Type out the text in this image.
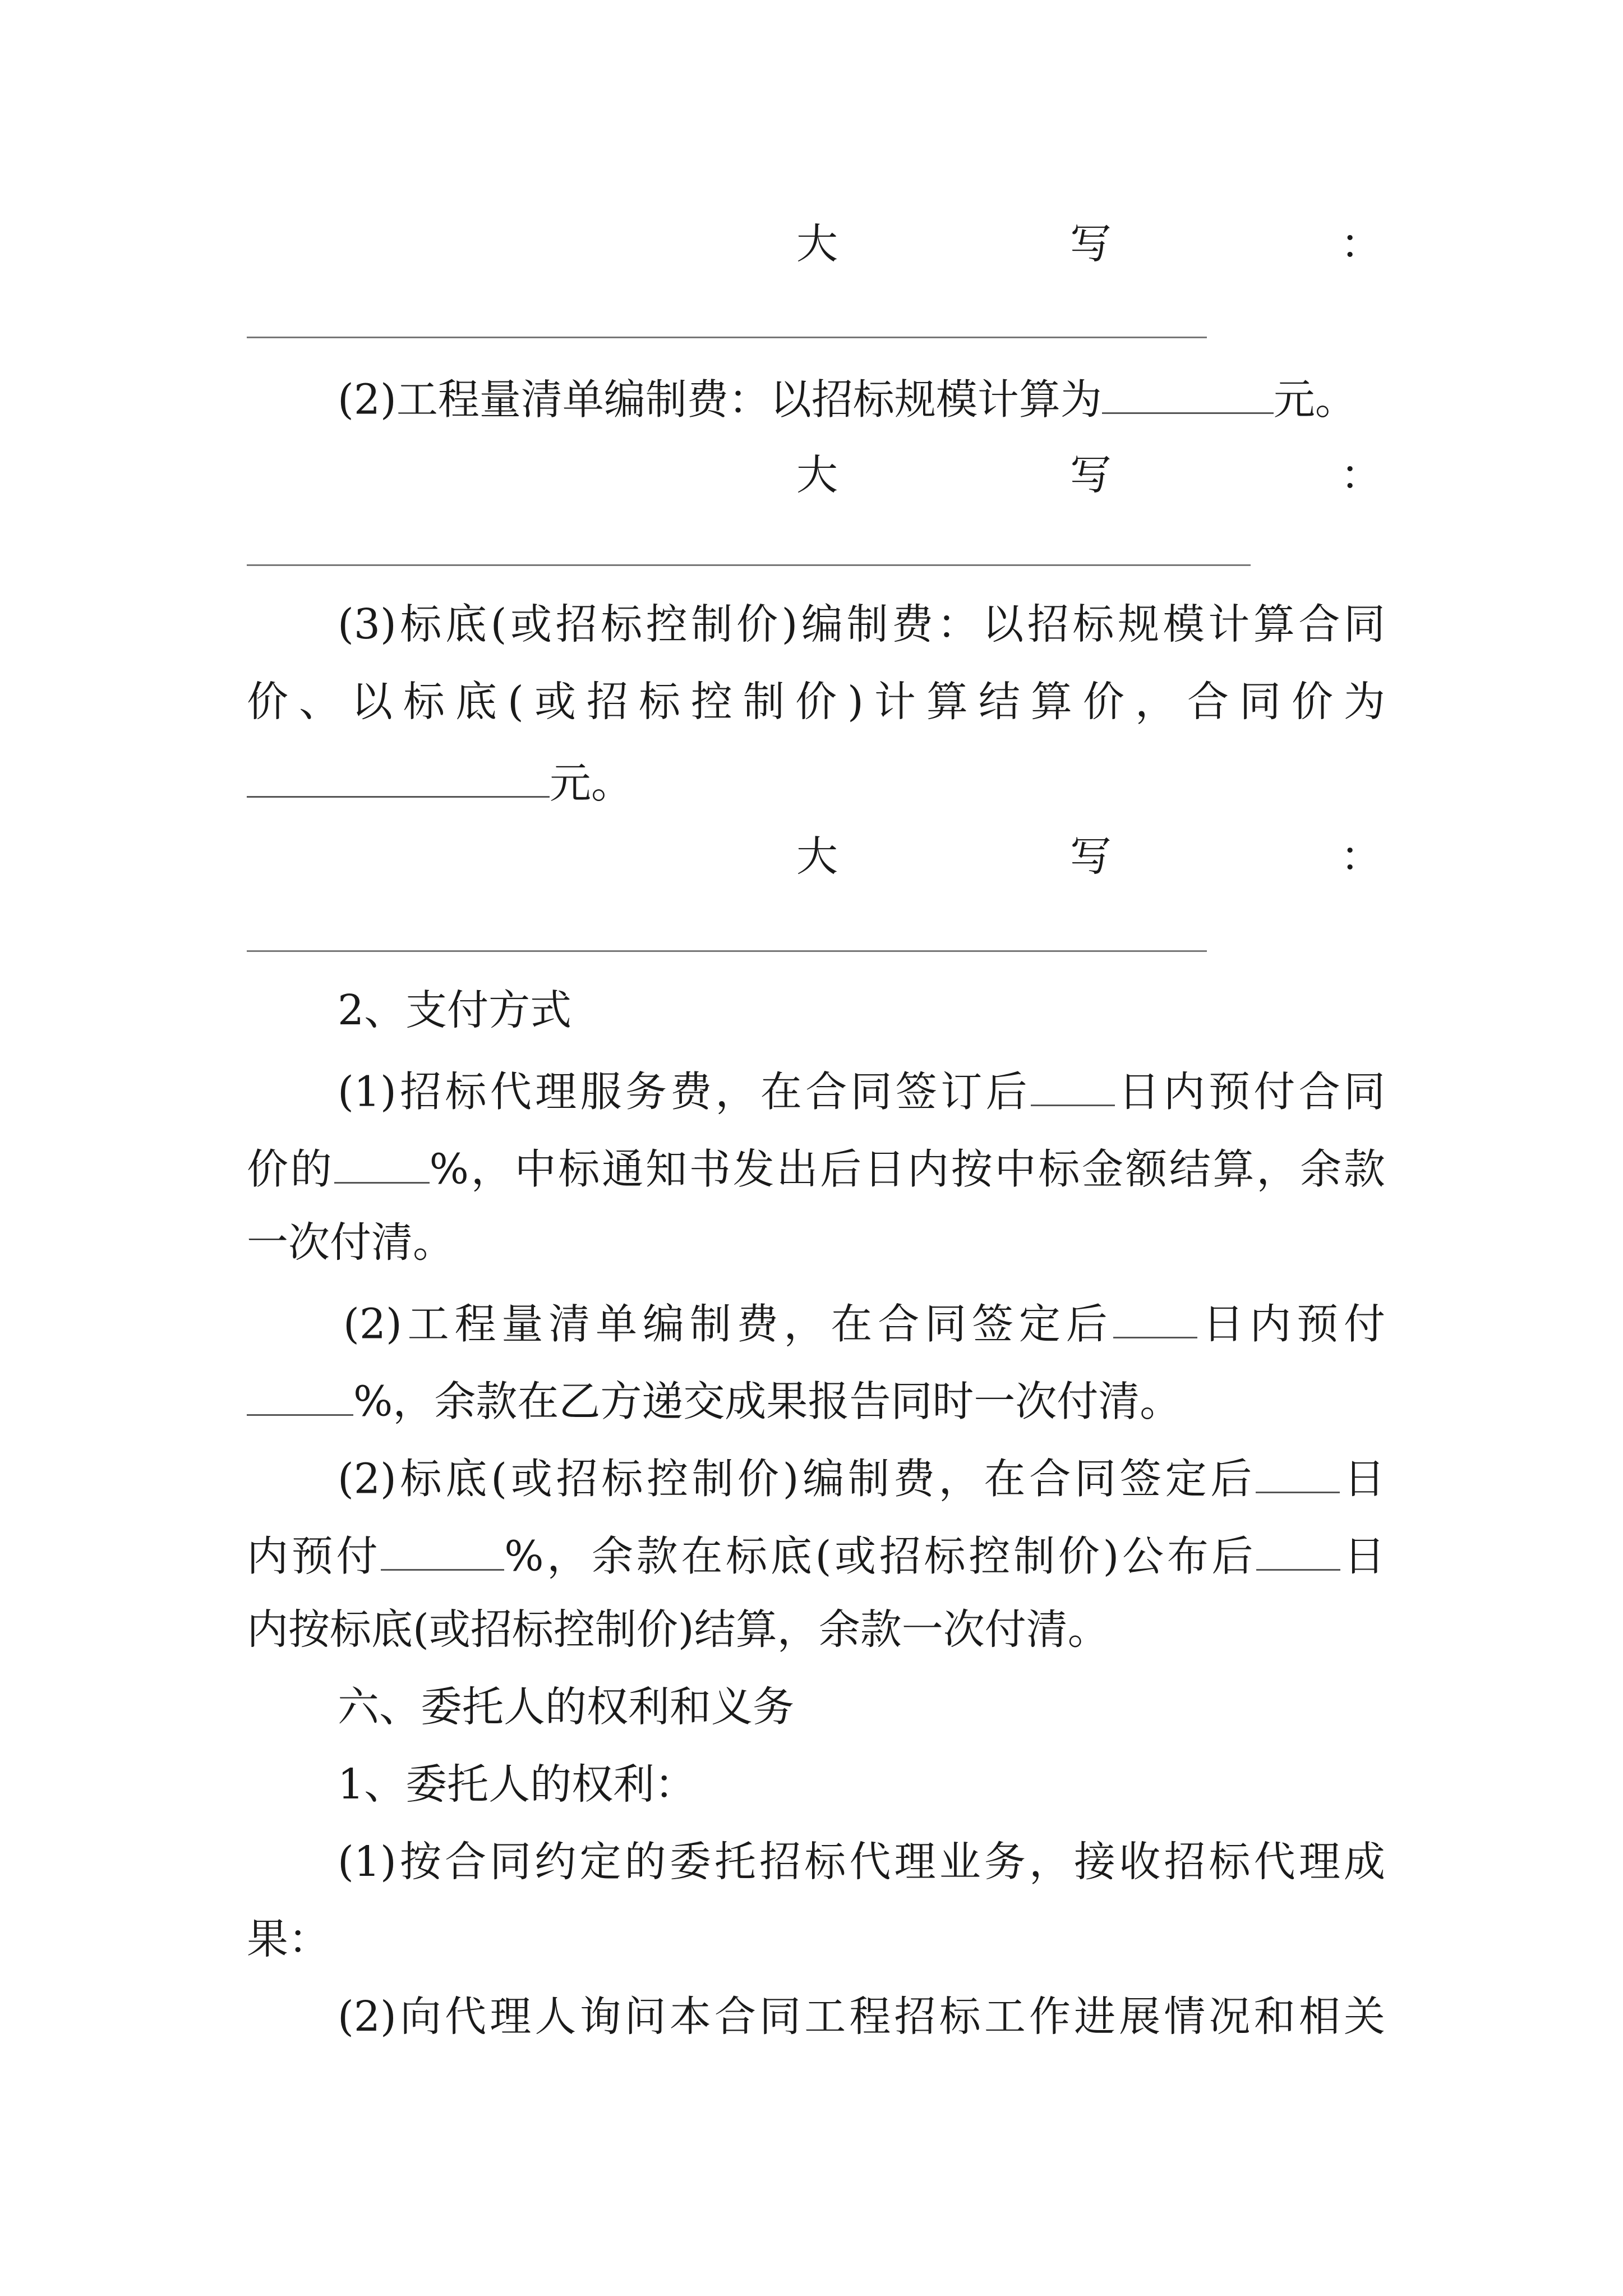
大	写	：
(2)工程量清单编制费：以招标规模计算为	元。
大	写	：
(3)标底(或招标控制价)编制费：以招标规模计算合同
价、以标底(或招标控制价)计算结算价，合同价为
元。
大	写	：
2、支付方式
(1)招标代理服务费，在合同签订后 日内预付合同
价的 %，中标通知书发出后日内按中标金额结算，余款
一次付清。
(2)工程量清单编制费，在合同签定后 日内预付
%，余款在乙方递交成果报告同时一次付清。
(2)标底(或招标控制价)编制费，在合同签定后 日
内预付	%，余款在标底(或招标控制价)公布后 日
内按标底(或招标控制价)结算，余款一次付清。
六、委托人的权利和义务
1、委托人的权利：
(1)按合同约定的委托招标代理业务，接收招标代理成
果：
(2)向代理人询问本合同工程招标工作进展情况和相关
